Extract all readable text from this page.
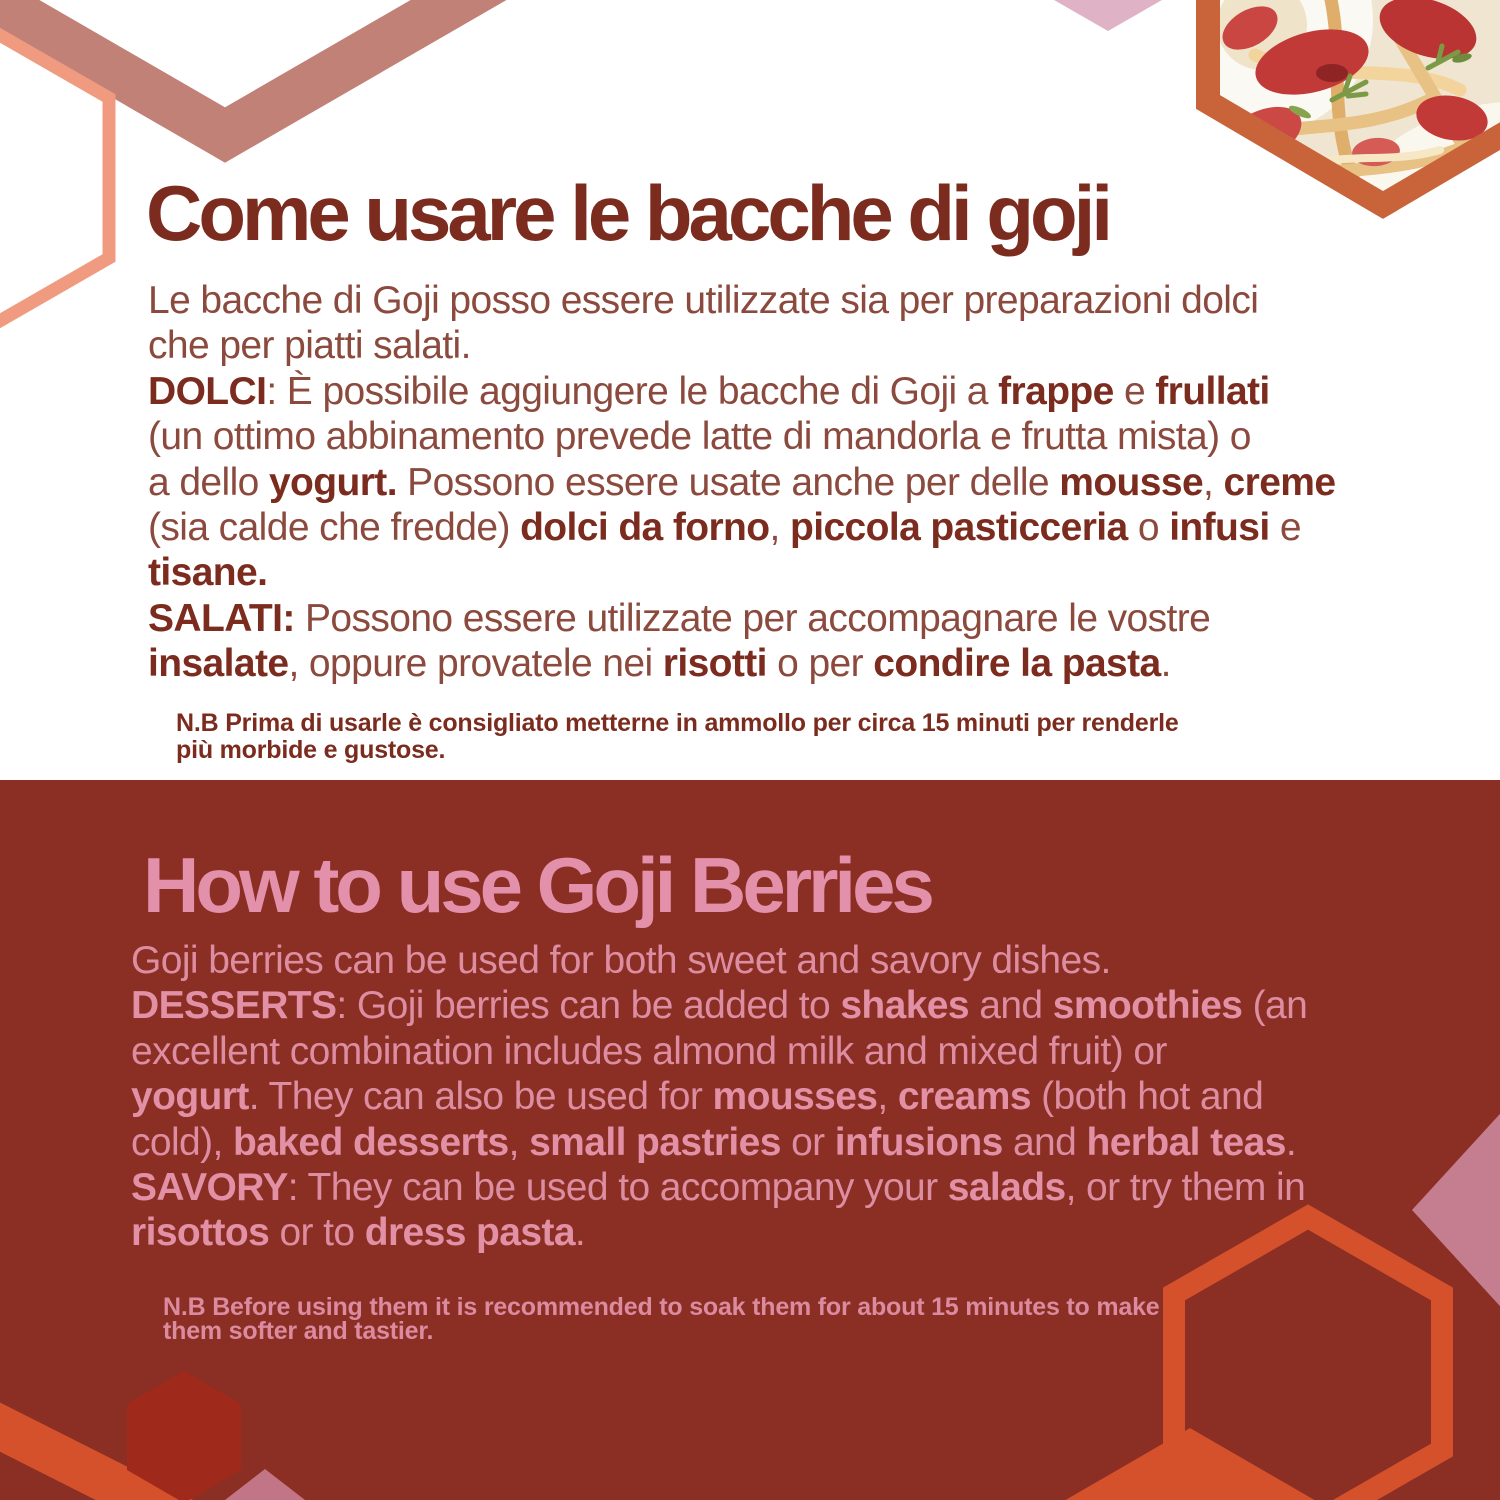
Come usare le bacche di goji
Le bacche di Goji posso essere utilizzate sia per preparazioni dolci
che per piatti salati.
DOLCI: È possibile aggiungere le bacche di Goji a frappe e frullati
(un ottimo abbinamento prevede latte di mandorla e frutta mista) o
a dello yogurt. Possono essere usate anche per delle mousse, creme
(sia calde che fredde) dolci da forno, piccola pasticceria o infusi e
tisane.
SALATI: Possono essere utilizzate per accompagnare le vostre
insalate, oppure provatele nei risotti o per condire la pasta.
N.B Prima di usarle è consigliato metterne in ammollo per circa 15 minuti per renderle
più morbide e gustose.
How to use Goji Berries
Goji berries can be used for both sweet and savory dishes.
DESSERTS: Goji berries can be added to shakes and smoothies (an
excellent combination includes almond milk and mixed fruit) or
yogurt. They can also be used for mousses, creams (both hot and
cold), baked desserts, small pastries or infusions and herbal teas.
SAVORY: They can be used to accompany your salads, or try them in
risottos or to dress pasta.
N.B Before using them it is recommended to soak them for about 15 minutes to make
them softer and tastier.
